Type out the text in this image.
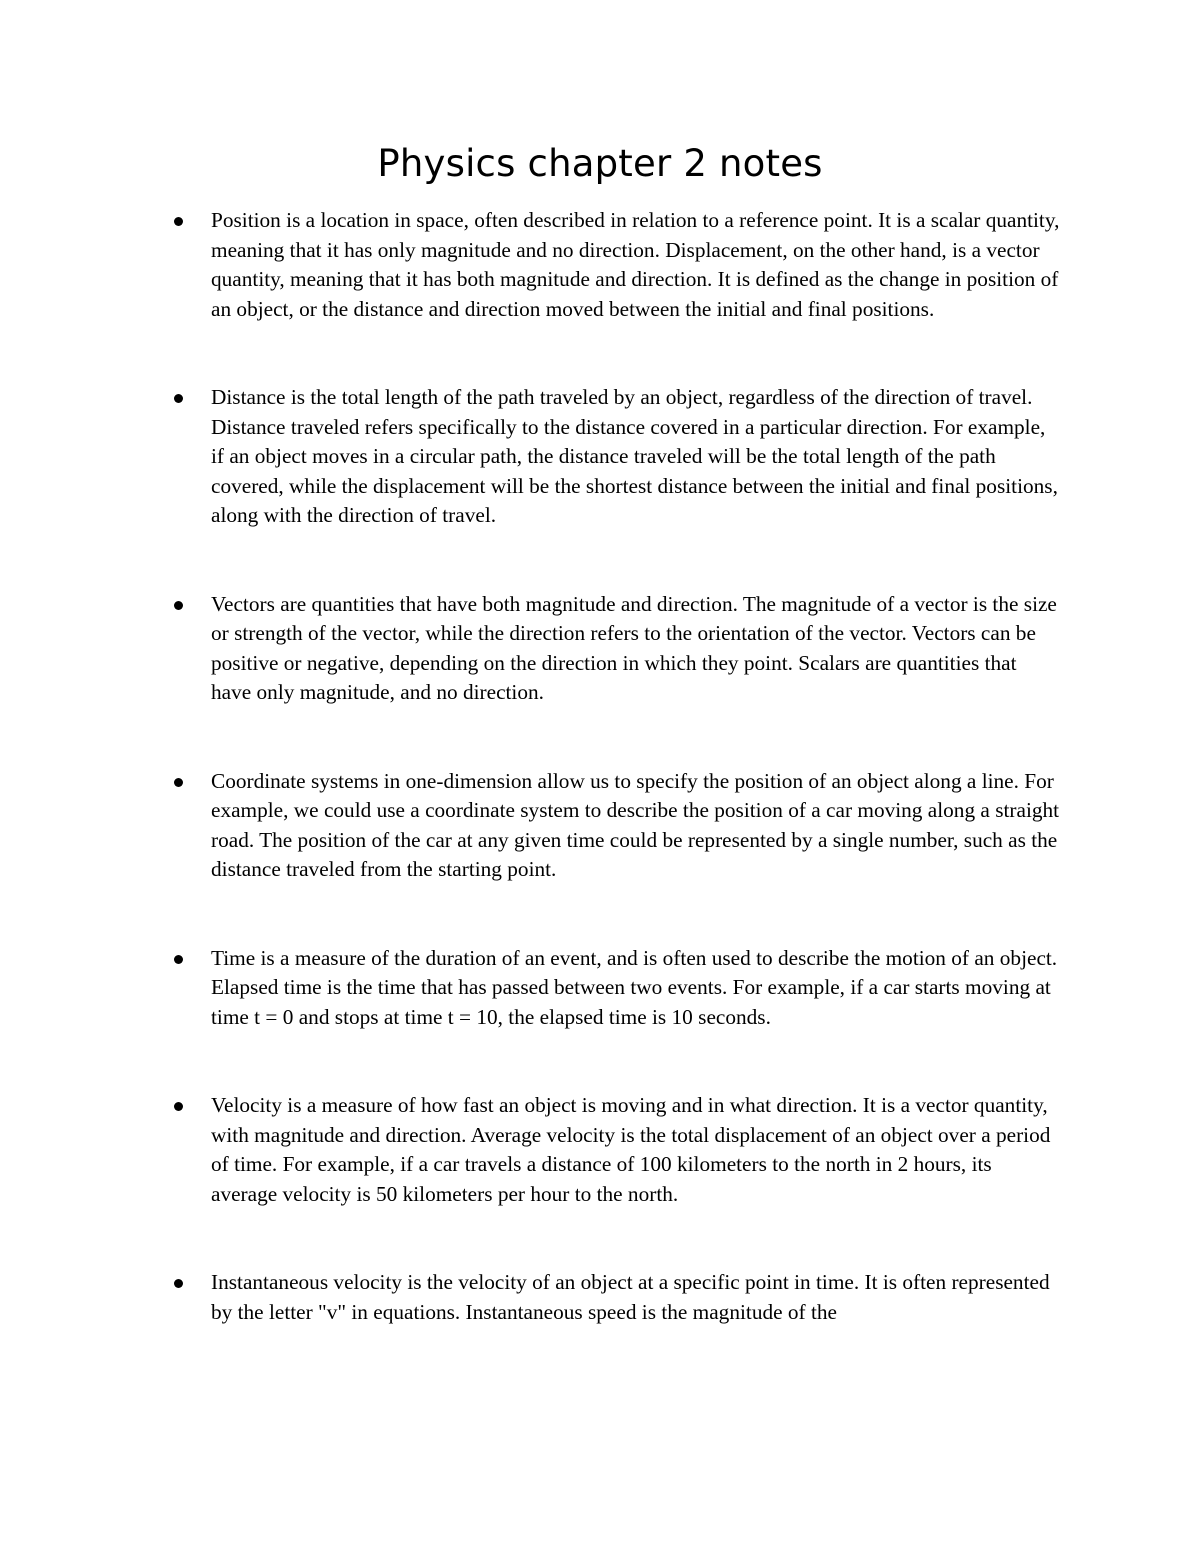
Physics chapter 2 notes
Position is a location in space, often described in relation to a reference point. It is a scalar quantity, meaning that it has only magnitude and no direction. Displacement, on the other hand, is a vector quantity, meaning that it has both magnitude and direction. It is defined as the change in position of an object, or the distance and direction moved between the initial and final positions.
Distance is the total length of the path traveled by an object, regardless of the direction of travel. Distance traveled refers specifically to the distance covered in a particular direction. For example, if an object moves in a circular path, the distance traveled will be the total length of the path covered, while the displacement will be the shortest distance between the initial and final positions, along with the direction of travel.
Vectors are quantities that have both magnitude and direction. The magnitude of a vector is the size or strength of the vector, while the direction refers to the orientation of the vector. Vectors can be positive or negative, depending on the direction in which they point. Scalars are quantities that have only magnitude, and no direction.
Coordinate systems in one-dimension allow us to specify the position of an object along a line. For example, we could use a coordinate system to describe the position of a car moving along a straight road. The position of the car at any given time could be represented by a single number, such as the distance traveled from the starting point.
Time is a measure of the duration of an event, and is often used to describe the motion of an object. Elapsed time is the time that has passed between two events. For example, if a car starts moving at time t = 0 and stops at time t = 10, the elapsed time is 10 seconds.
Velocity is a measure of how fast an object is moving and in what direction. It is a vector quantity, with magnitude and direction. Average velocity is the total displacement of an object over a period of time. For example, if a car travels a distance of 100 kilometers to the north in 2 hours, its average velocity is 50 kilometers per hour to the north.
Instantaneous velocity is the velocity of an object at a specific point in time. It is often represented by the letter "v" in equations. Instantaneous speed is the magnitude of the
